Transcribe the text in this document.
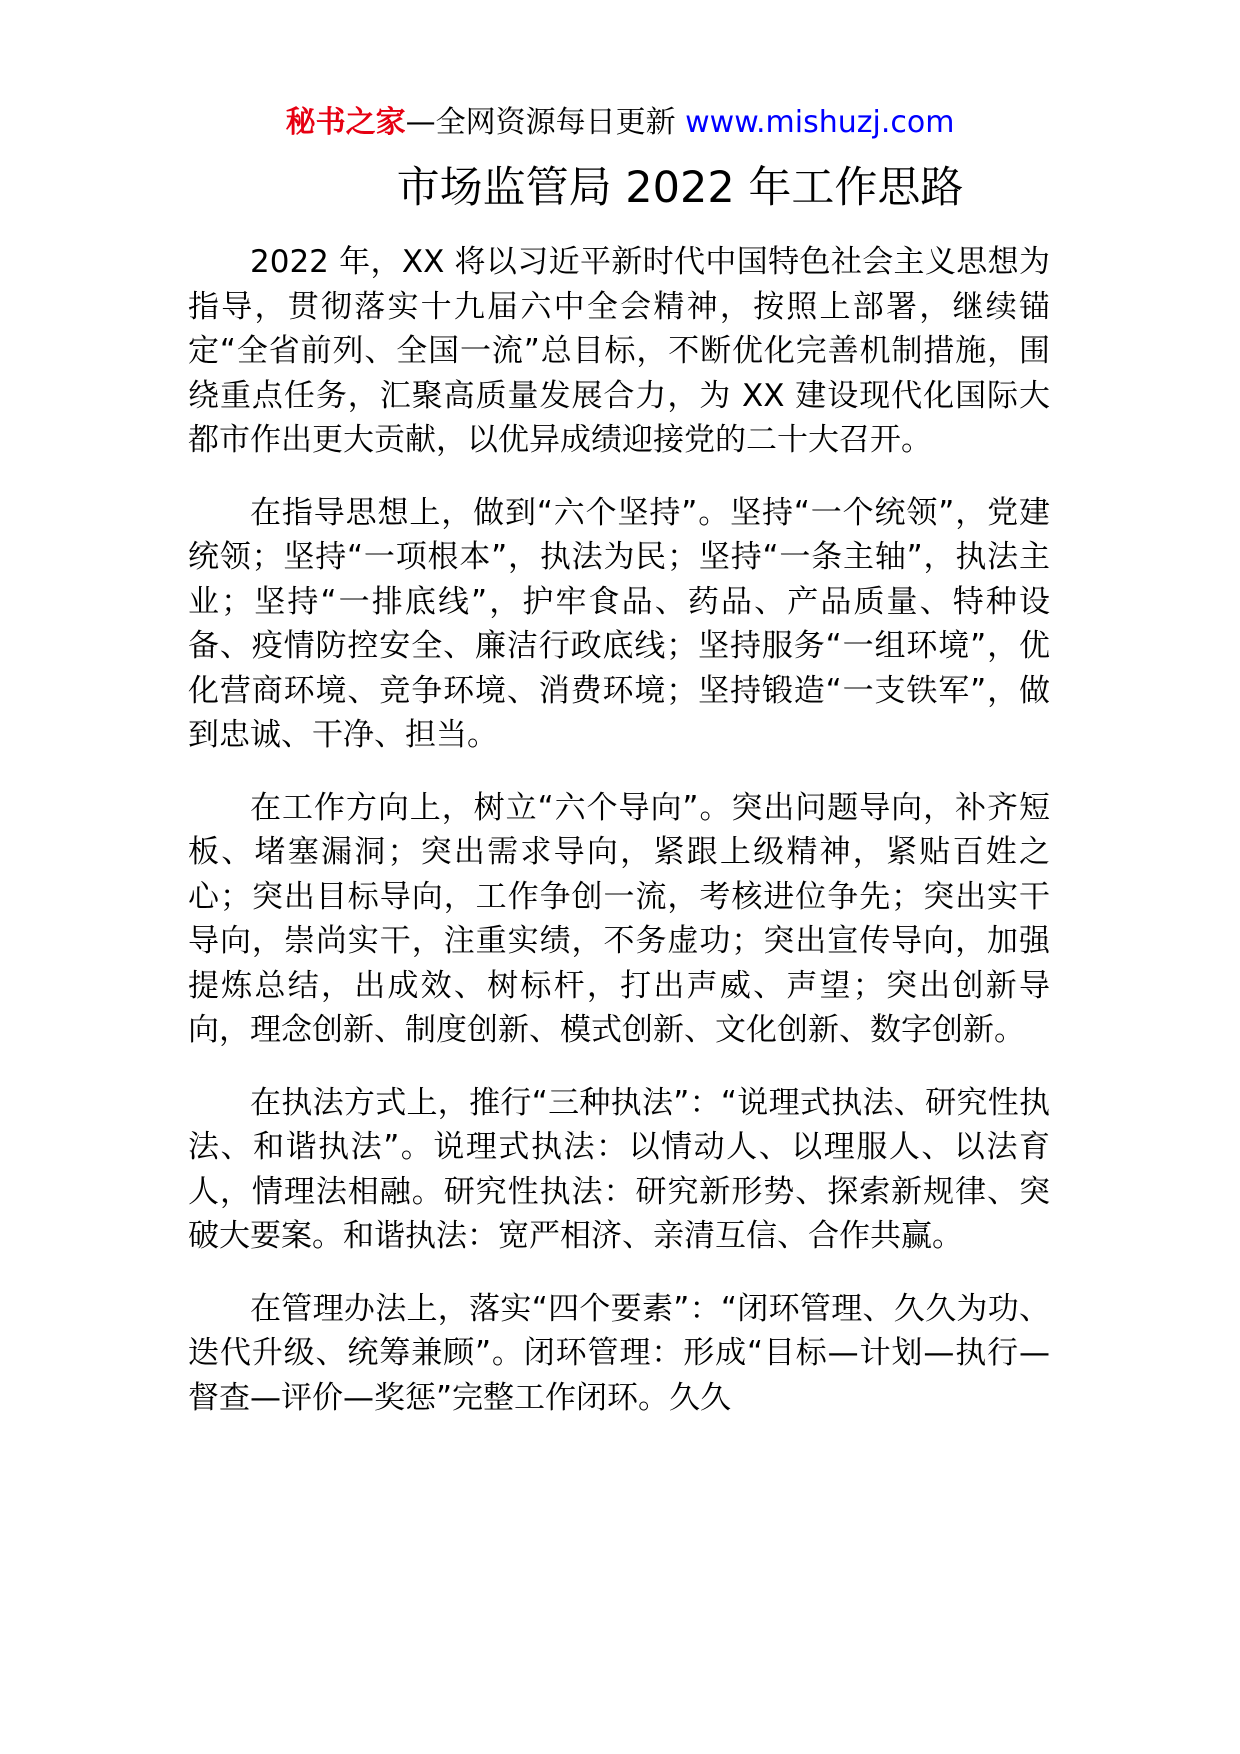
秘书之家—全网资源每日更新 www.mishuzj.com
市场监管局 2022 年工作思路

2022 年，XX 将以习近平新时代中国特色社会主义思想为指导，贯彻落实十九届六中全会精神，按照上部署，继续锚定“全省前列、全国一流”总目标，不断优化完善机制措施，围绕重点任务，汇聚高质量发展合力，为 XX 建设现代化国际大都市作出更大贡献，以优异成绩迎接党的二十大召开。

在指导思想上，做到“六个坚持”。坚持“一个统领”，党建统领；坚持“一项根本”，执法为民；坚持“一条主轴”，执法主业；坚持“一排底线”，护牢食品、药品、产品质量、特种设备、疫情防控安全、廉洁行政底线；坚持服务“一组环境”，优化营商环境、竞争环境、消费环境；坚持锻造“一支铁军”，做到忠诚、干净、担当。

在工作方向上，树立“六个导向”。突出问题导向，补齐短板、堵塞漏洞；突出需求导向，紧跟上级精神，紧贴百姓之心；突出目标导向，工作争创一流，考核进位争先；突出实干导向，崇尚实干，注重实绩，不务虚功；突出宣传导向，加强提炼总结，出成效、树标杆，打出声威、声望；突出创新导向，理念创新、制度创新、模式创新、文化创新、数字创新。

在执法方式上，推行“三种执法”：“说理式执法、研究性执法、和谐执法”。说理式执法：以情动人、以理服人、以法育人，情理法相融。研究性执法：研究新形势、探索新规律、突破大要案。和谐执法：宽严相济、亲清互信、合作共赢。

在管理办法上，落实“四个要素”：“闭环管理、久久为功、迭代升级、统筹兼顾”。闭环管理：形成“目标—计划—执行—督查—评价—奖惩”完整工作闭环。久久
